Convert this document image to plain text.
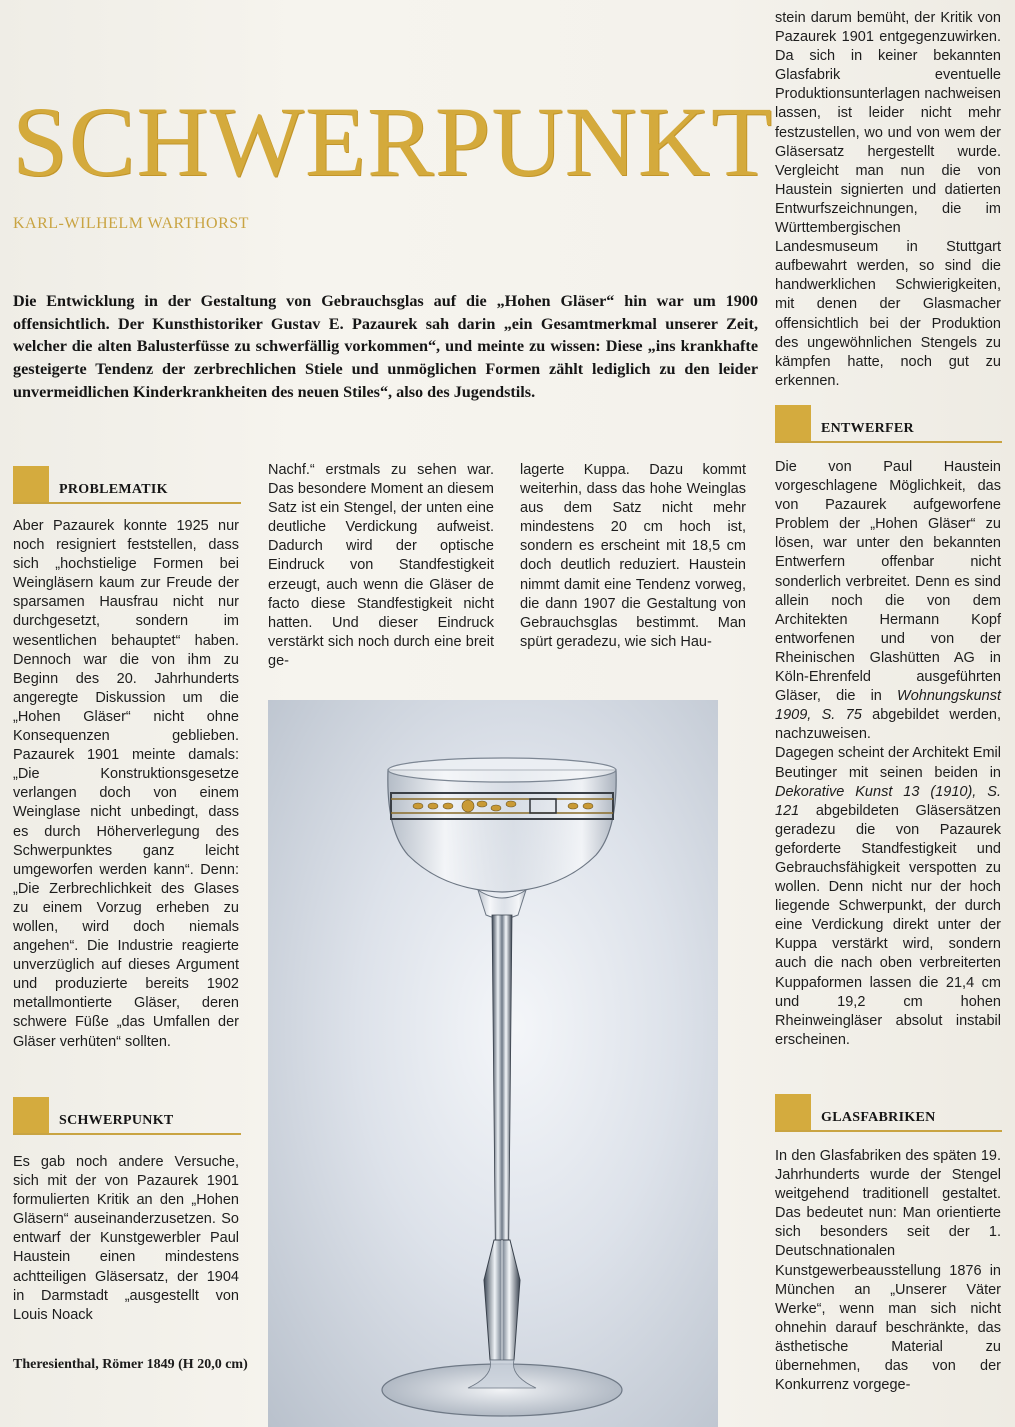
SCHWERPUNKT
KARL-WILHELM WARTHORST

Die Entwicklung in der Gestaltung von Gebrauchsglas auf die „Hohen Gläser“ hin war um 1900 offensichtlich. Der Kunsthistoriker Gustav E. Pazaurek sah darin „ein Gesamtmerkmal unserer Zeit, welcher die alten Balusterfüsse zu schwerfällig vorkommen“, und meinte zu wissen: Diese „ins krankhafte gesteigerte Tendenz der zerbrechlichen Stiele und unmöglichen Formen zählt lediglich zu den leider unvermeidlichen Kinderkrankheiten des neuen Stiles“, also des Jugendstils.

PROBLEMATIK

Aber Pazaurek konnte 1925 nur noch resigniert feststellen, dass sich „hochstielige Formen bei Weingläsern kaum zur Freude der sparsamen Hausfrau nicht nur durchgesetzt, sondern im wesentlichen behauptet“ haben. Dennoch war die von ihm zu Beginn des 20. Jahrhunderts angeregte Diskussion um die „Hohen Gläser“ nicht ohne Konsequenzen geblieben. Pazaurek 1901 meinte damals: „Die Konstruktionsgesetze verlangen doch von einem Weinglase nicht unbedingt, dass es durch Höherverlegung des Schwerpunktes ganz leicht umgeworfen werden kann“. Denn: „Die Zerbrechlichkeit des Glases zu einem Vorzug erheben zu wollen, wird doch niemals angehen“. Die Industrie reagierte unverzüglich auf dieses Argument und produzierte bereits 1902 metallmontierte Gläser, deren schwere Füße „das Umfallen der Gläser verhüten“ sollten.

SCHWERPUNKT

Es gab noch andere Versuche, sich mit der von Pazaurek 1901 formulierten Kritik an den „Hohen Gläsern“ auseinanderzusetzen. So entwarf der Kunstgewerbler Paul Haustein einen mindestens achtteiligen Gläsersatz, der 1904 in Darmstadt „ausgestellt von Louis Noack

Nachf.“ erstmals zu sehen war. Das besondere Moment an diesem Satz ist ein Stengel, der unten eine deutliche Verdickung aufweist. Dadurch wird der optische Eindruck von Standfestigkeit erzeugt, auch wenn die Gläser de facto diese Standfestigkeit nicht hatten. Und dieser Eindruck verstärkt sich noch durch eine breit ge-

lagerte Kuppa. Dazu kommt weiterhin, dass das hohe Weinglas aus dem Satz nicht mehr mindestens 20 cm hoch ist, sondern es erscheint mit 18,5 cm doch deutlich reduziert. Haustein nimmt damit eine Tendenz vorweg, die dann 1907 die Gestaltung von Gebrauchsglas bestimmt. Man spürt geradezu, wie sich Hau-

stein darum bemüht, der Kritik von Pazaurek 1901 entgegenzuwirken. Da sich in keiner bekannten Glasfabrik eventuelle Produktionsunterlagen nachweisen lassen, ist leider nicht mehr festzustellen, wo und von wem der Gläsersatz hergestellt wurde. Vergleicht man nun die von Haustein signierten und datierten Entwurfszeichnungen, die im Württembergischen Landesmuseum in Stuttgart aufbewahrt werden, so sind die handwerklichen Schwierigkeiten, mit denen der Glasmacher offensichtlich bei der Produktion des ungewöhnlichen Stengels zu kämpfen hatte, noch gut zu erkennen.

ENTWERFER

Die von Paul Haustein vorgeschlagene Möglichkeit, das von Pazaurek aufgeworfene Problem der „Hohen Gläser“ zu lösen, war unter den bekannten Entwerfern offenbar nicht sonderlich verbreitet. Denn es sind allein noch die von dem Architekten Hermann Kopf entworfenen und von der Rheinischen Glashütten AG in Köln-Ehrenfeld ausgeführten Gläser, die in Wohnungskunst 1909, S. 75 abgebildet werden, nachzuweisen.

Dagegen scheint der Architekt Emil Beutinger mit seinen beiden in Dekorative Kunst 13 (1910), S. 121 abgebildeten Gläsersätzen geradezu die von Pazaurek geforderte Standfestigkeit und Gebrauchsfähigkeit verspotten zu wollen. Denn nicht nur der hoch liegende Schwerpunkt, der durch eine Verdickung direkt unter der Kuppa verstärkt wird, sondern auch die nach oben verbreiterten Kuppaformen lassen die 21,4 cm und 19,2 cm hohen Rheinweingläser absolut instabil erscheinen.

GLASFABRIKEN

In den Glasfabriken des späten 19. Jahrhunderts wurde der Stengel weitgehend traditionell gestaltet. Das bedeutet nun: Man orientierte sich besonders seit der 1. Deutschnationalen Kunstgewerbeausstellung 1876 in München an „Unserer Väter Werke“, wenn man sich nicht ohnehin darauf beschränkte, das ästhetische Material zu übernehmen, das von der Konkurrenz vorgege-

Theresienthal, Römer 1849 (H 20,0 cm)
